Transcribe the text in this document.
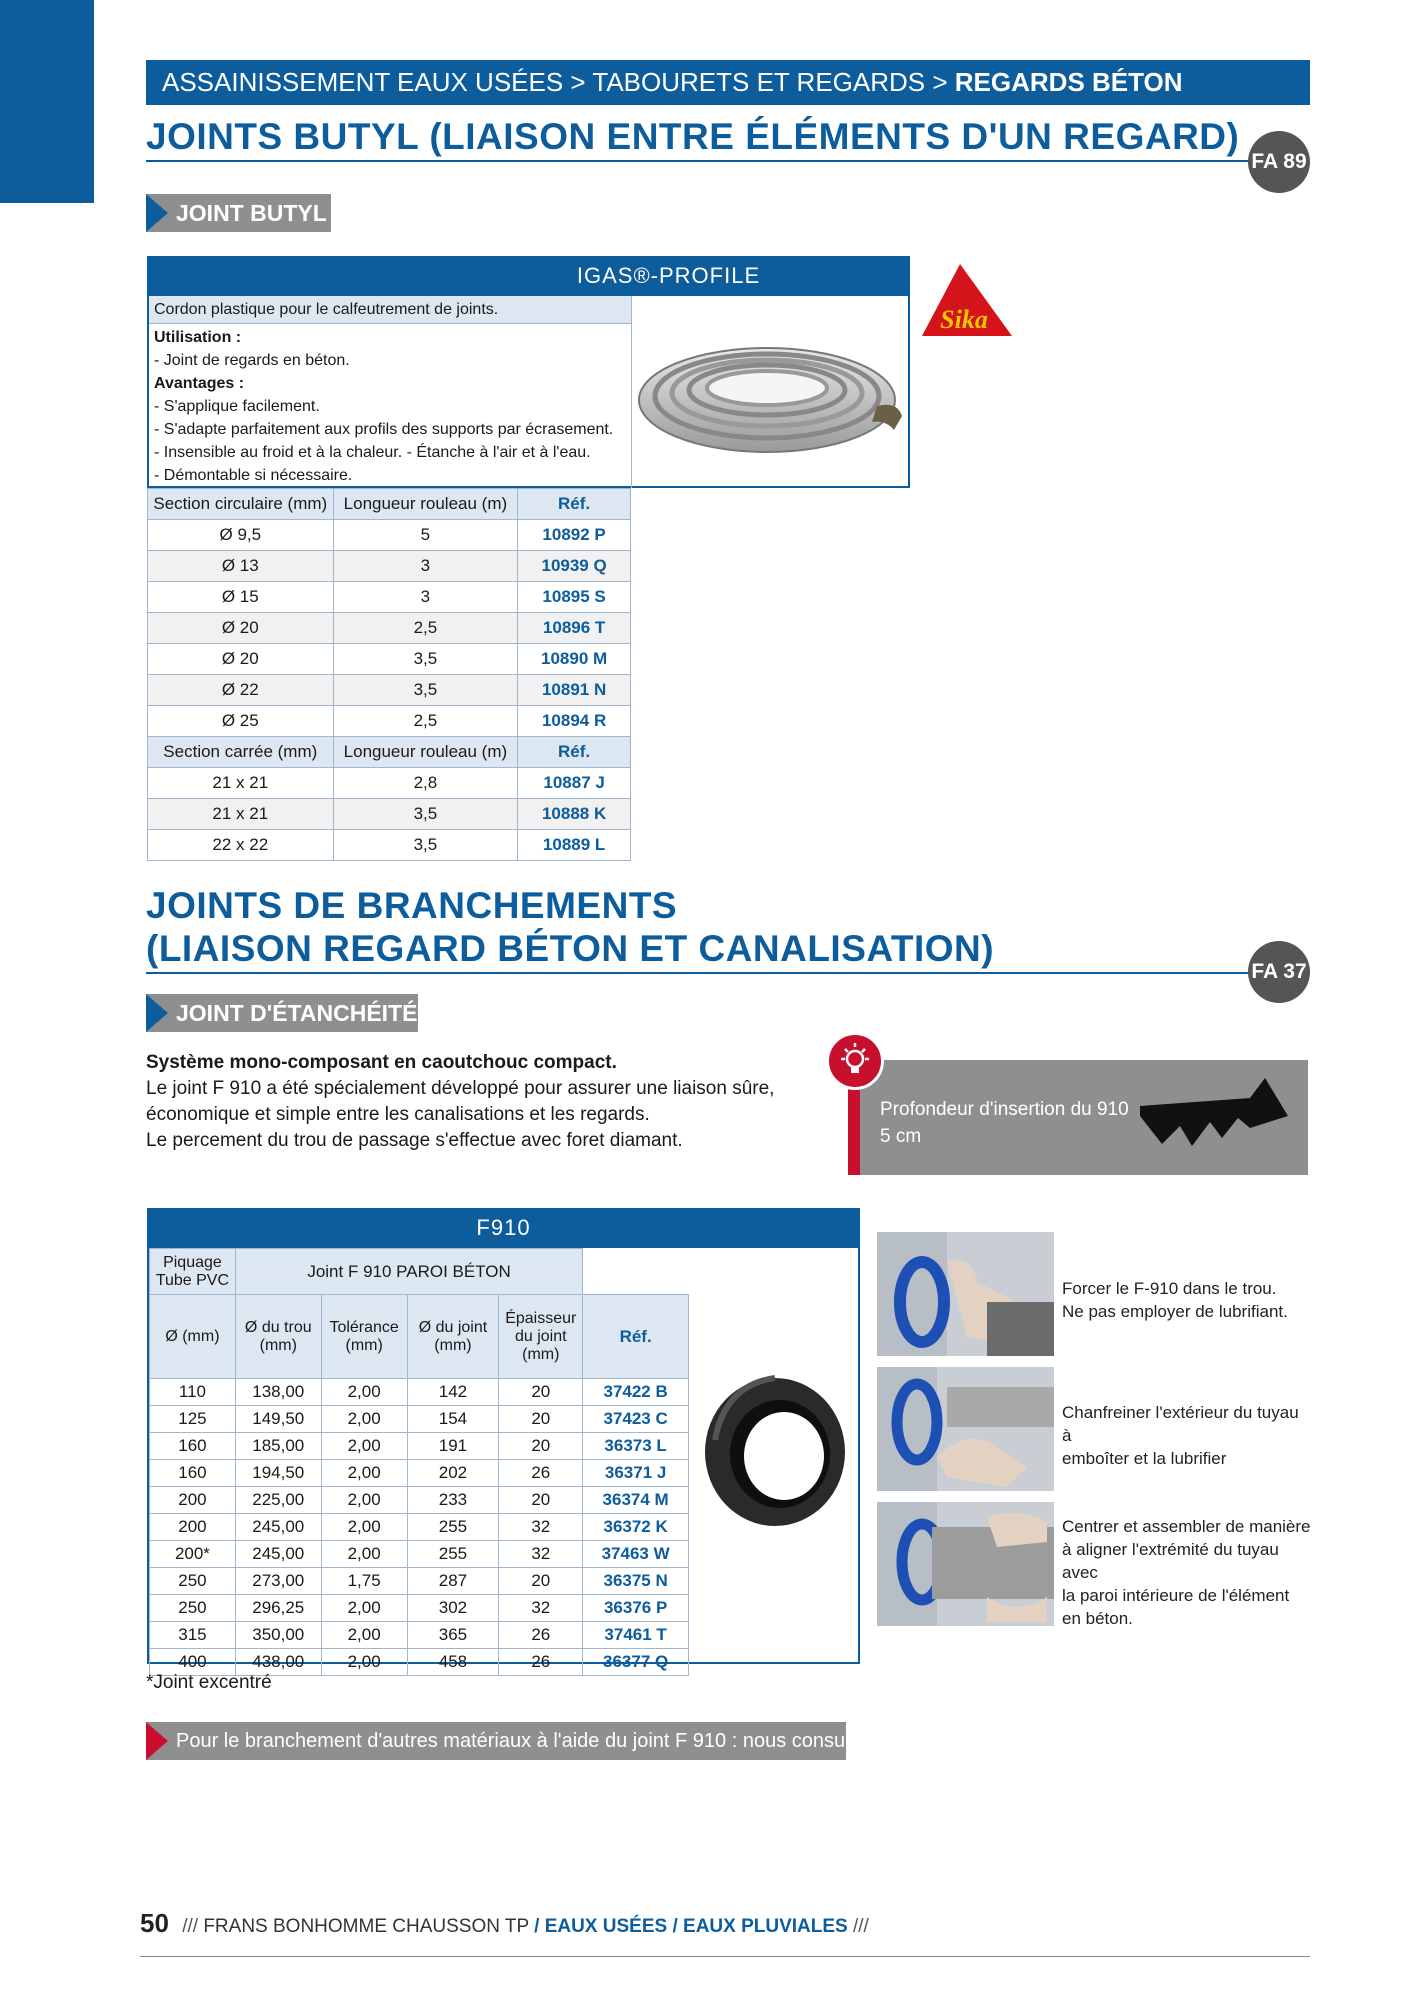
ASSAINISSEMENT EAUX USÉES > TABOURETS ET REGARDS > REGARDS BÉTON
JOINTS BUTYL (LIAISON ENTRE ÉLÉMENTS D'UN REGARD)
FA 89
JOINT BUTYL
IGAS®-PROFILE
Cordon plastique pour le calfeutrement de joints.
Utilisation :
- Joint de regards en béton.
Avantages :
- S'applique facilement.
- S'adapte parfaitement aux profils des supports par écrasement.
- Insensible au froid et à la chaleur. - Étanche à l'air et à l'eau.
- Démontable si nécessaire.
Sika
Section circulaire (mm)	Longueur rouleau (m)	Réf.
Ø 9,5	5	10892 P
Ø 13	3	10939 Q
Ø 15	3	10895 S
Ø 20	2,5	10896 T
Ø 20	3,5	10890 M
Ø 22	3,5	10891 N
Ø 25	2,5	10894 R
Section carrée (mm)	Longueur rouleau (m)	Réf.
21 x 21	2,8	10887 J
21 x 21	3,5	10888 K
22 x 22	3,5	10889 L
JOINTS DE BRANCHEMENTS
(LIAISON REGARD BÉTON ET CANALISATION)
FA 37
JOINT D'ÉTANCHÉITÉ
Système mono-composant en caoutchouc compact.
Le joint F 910 a été spécialement développé pour assurer une liaison sûre,
économique et simple entre les canalisations et les regards.
Le percement du trou de passage s'effectue avec foret diamant.
Profondeur d'insertion du 910
5 cm
F910
Piquage Tube PVC	Joint F 910 PAROI BÉTON				
Ø (mm)	Ø du trou (mm)	Tolérance (mm)	Ø du joint (mm)	Épaisseur du joint (mm)	Réf.
110	138,00	2,00	142	20	37422 B
125	149,50	2,00	154	20	37423 C
160	185,00	2,00	191	20	36373 L
160	194,50	2,00	202	26	36371 J
200	225,00	2,00	233	20	36374 M
200	245,00	2,00	255	32	36372 K
200*	245,00	2,00	255	32	37463 W
250	273,00	1,75	287	20	36375 N
250	296,25	2,00	302	32	36376 P
315	350,00	2,00	365	26	37461 T
400	438,00	2,00	458	26	36377 Q
Forcer le F-910 dans le trou.
Ne pas employer de lubrifiant.
Chanfreiner l'extérieur du tuyau à
emboîter et la lubrifier
Centrer et assembler de manière
à aligner l'extrémité du tuyau avec
la paroi intérieure de l'élément
en béton.
*Joint excentré
Pour le branchement d'autres matériaux à l'aide du joint F 910 : nous consulter.
50 /// FRANS BONHOMME CHAUSSON TP / EAUX USÉES / EAUX PLUVIALES ///
